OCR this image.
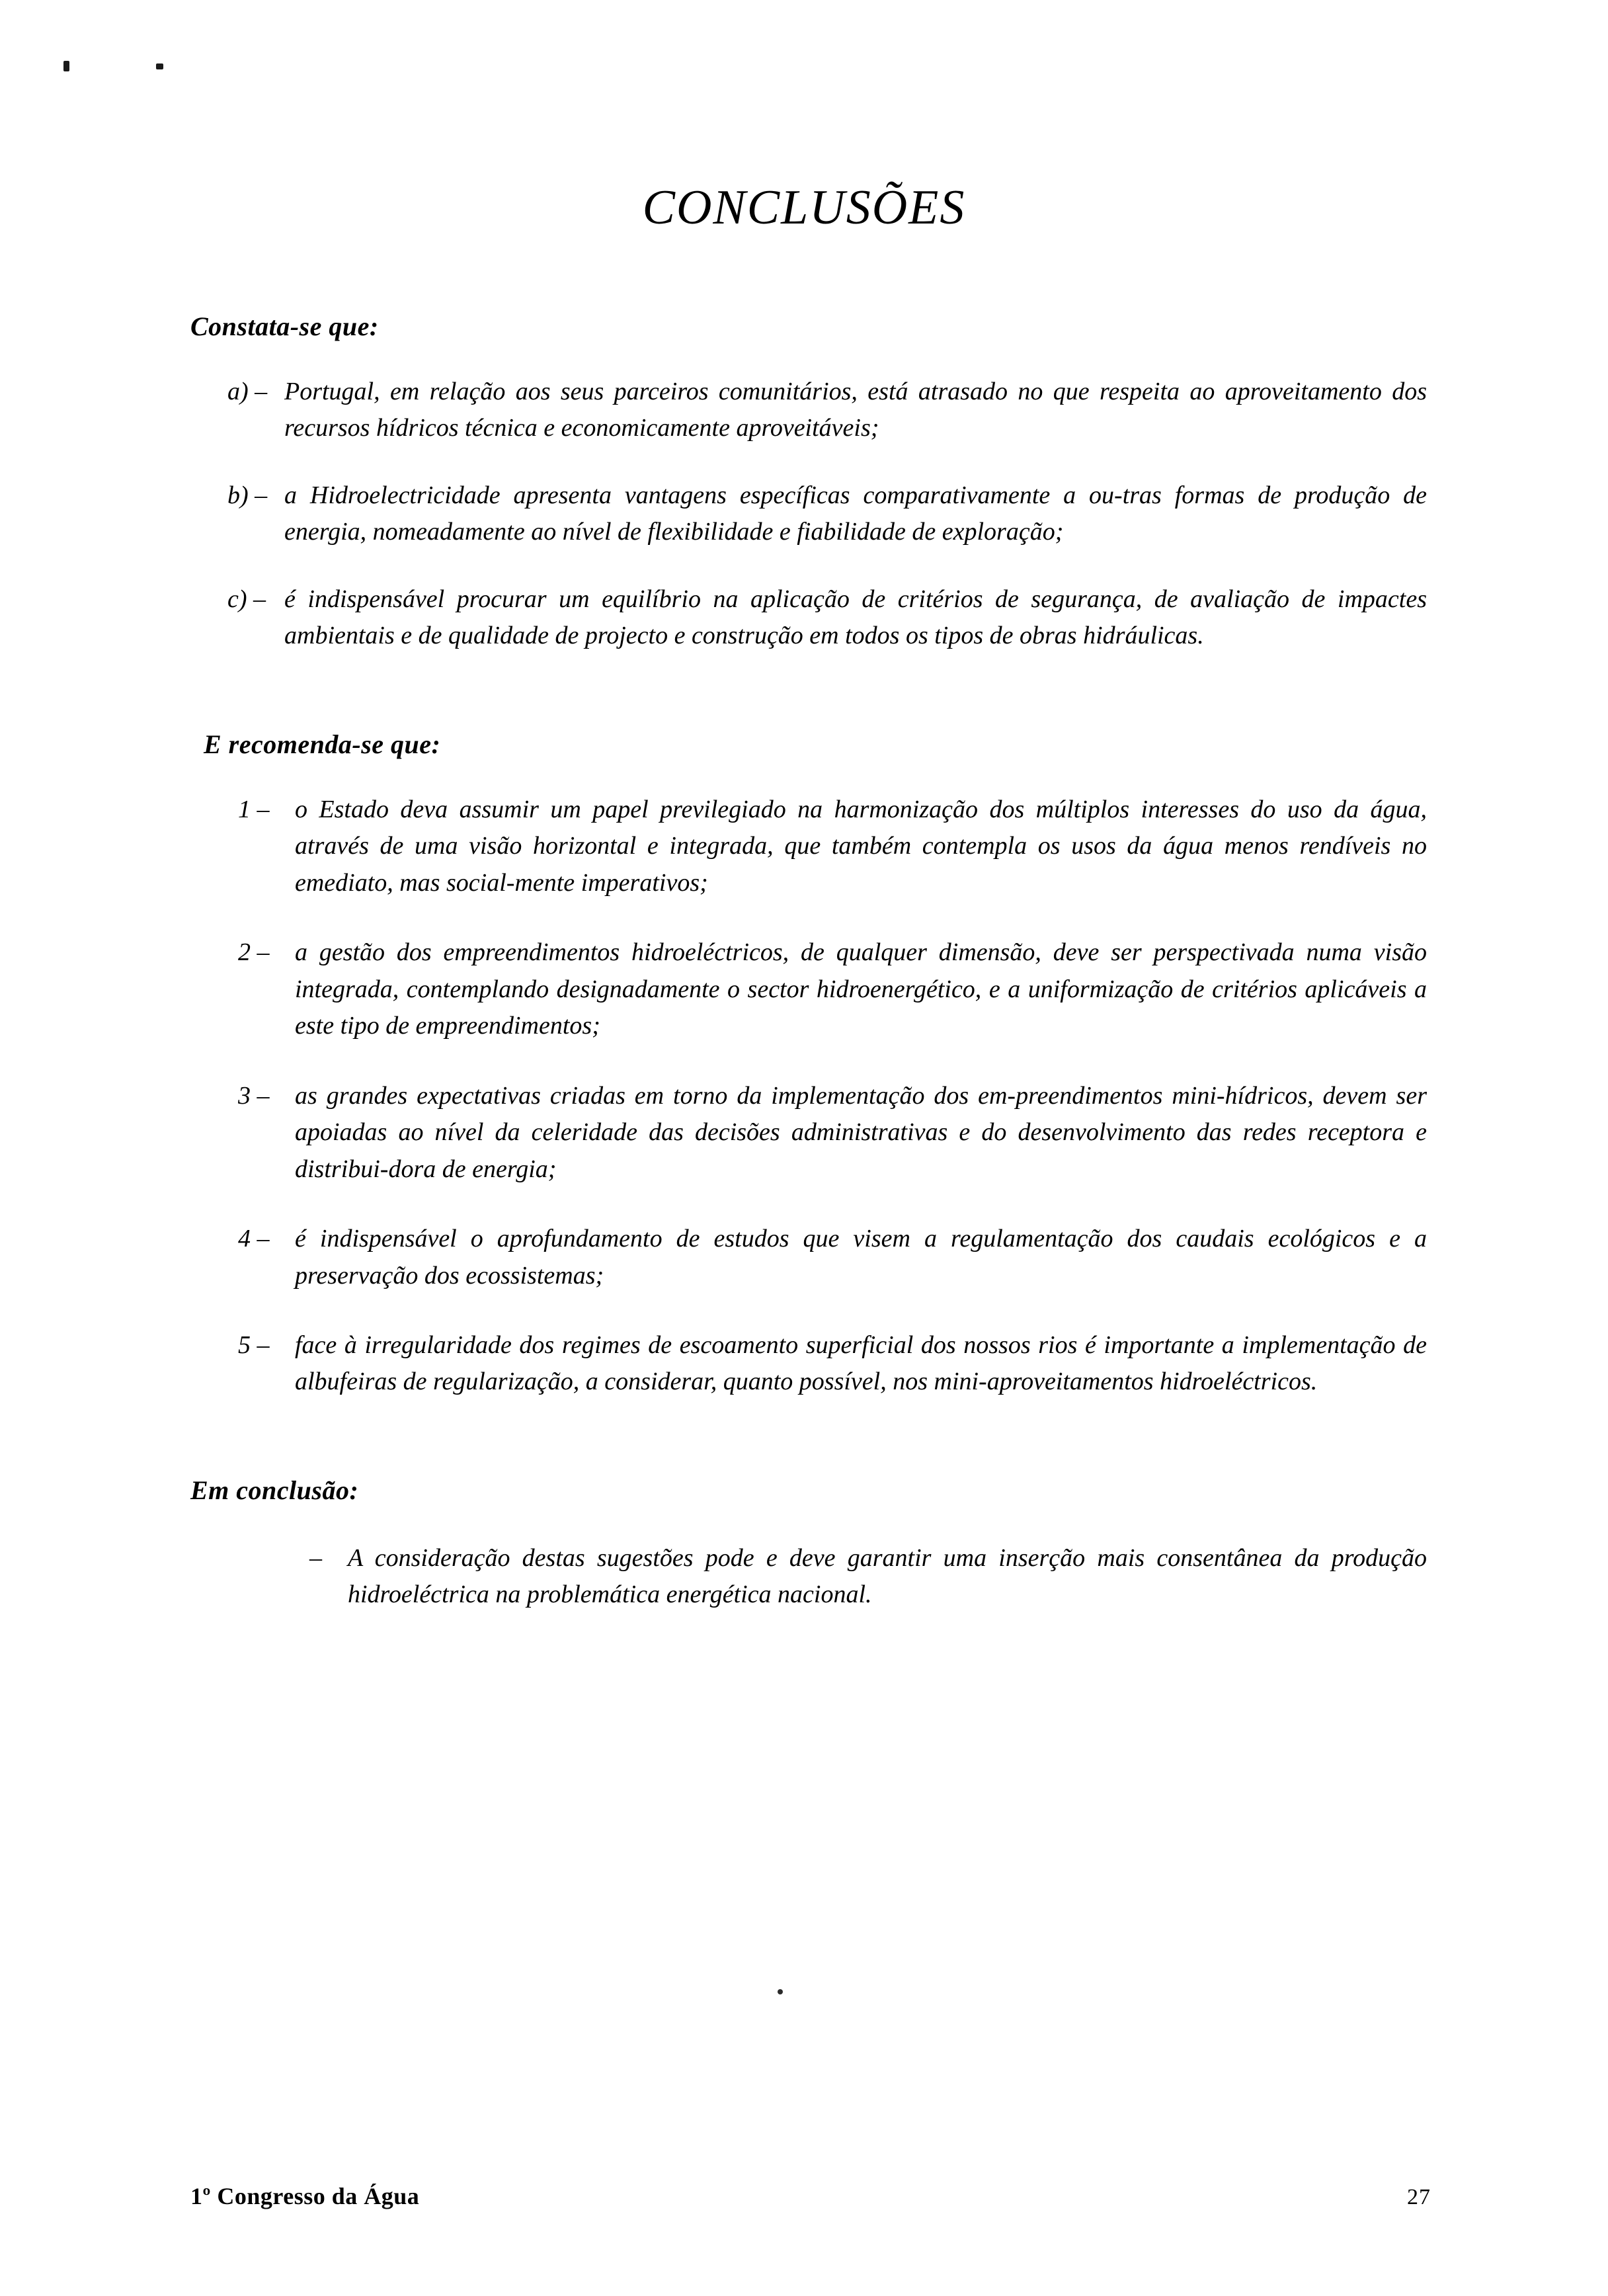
CONCLUSÕES

Constata-se que:

a) – Portugal, em relação aos seus parceiros comunitários, está atrasado no que respeita ao aproveitamento dos recursos hídricos técnica e economicamente aproveitáveis;
b) – a Hidroelectricidade apresenta vantagens específicas comparativamente a ou-tras formas de produção de energia, nomeadamente ao nível de flexibilidade e fiabilidade de exploração;
c) – é indispensável procurar um equilíbrio na aplicação de critérios de segurança, de avaliação de impactes ambientais e de qualidade de projecto e construção em todos os tipos de obras hidráulicas.

E recomenda-se que:

1 –	o Estado deva assumir um papel previlegiado na harmonização dos múltiplos interesses do uso da água, através de uma visão horizontal e integrada, que também contempla os usos da água menos rendíveis no emediato, mas social-mente imperativos;
2 –	a gestão dos empreendimentos hidroeléctricos, de qualquer dimensão, deve ser perspectivada numa visão integrada, contemplando designadamente o sector hidroenergético, e a uniformização de critérios aplicáveis a este tipo de empreendimentos;
3 –	as grandes expectativas criadas em torno da implementação dos em-preendimentos mini-hídricos, devem ser apoiadas ao nível da celeridade das decisões administrativas e do desenvolvimento das redes receptora e distribui-dora de energia;
4 –	é indispensável o aprofundamento de estudos que visem a regulamentação dos caudais ecológicos e a preservação dos ecossistemas;
5 –	face à irregularidade dos regimes de escoamento superficial dos nossos rios é importante a implementação de albufeiras de regularização, a considerar, quanto possível, nos mini-aproveitamentos hidroeléctricos.

Em conclusão:

–	A consideração destas sugestões pode e deve garantir uma inserção mais consentânea da produção hidroeléctrica na problemática energética nacional.
1º Congresso da Água	27
